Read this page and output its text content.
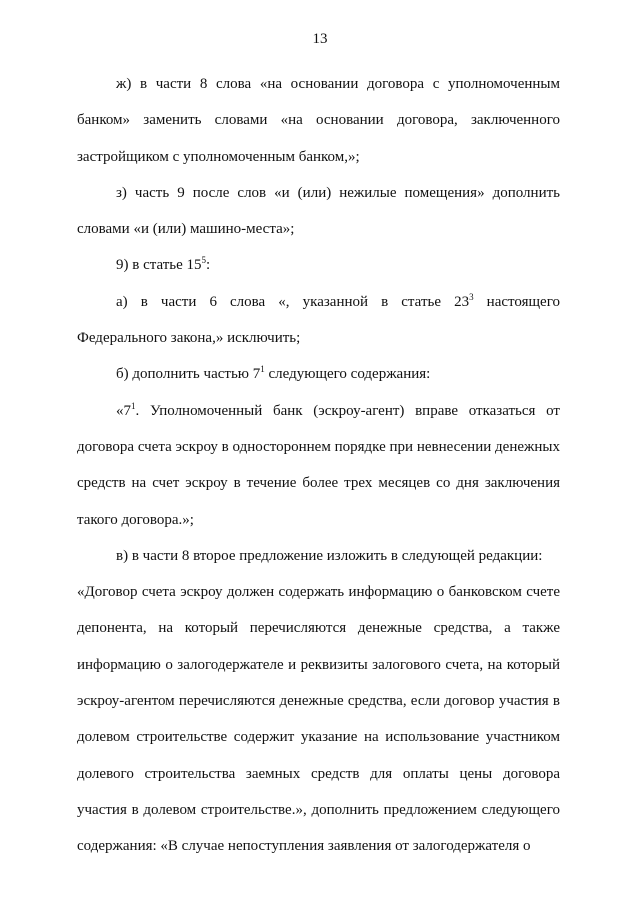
13

ж) в части 8 слова «на основании договора с уполномоченным банком» заменить словами «на основании договора, заключенного застройщиком с уполномоченным банком,»;

з) часть 9 после слов «и (или) нежилые помещения» дополнить словами «и (или) машино-места»;

9) в статье $15^5$:

а) в части 6 слова «, указанной в статье $23^3$ настоящего Федерального закона,» исключить;

б) дополнить частью $7^1$ следующего содержания:

«$7^1$. Уполномоченный банк (эскроу-агент) вправе отказаться от договора счета эскроу в одностороннем порядке при невнесении денежных средств на счет эскроу в течение более трех месяцев со дня заключения такого договора.»;

в) в части 8 второе предложение изложить в следующей редакции:

«Договор счета эскроу должен содержать информацию о банковском счете депонента, на который перечисляются денежные средства, а также информацию о залогодержателе и реквизиты залогового счета, на который эскроу-агентом перечисляются денежные средства, если договор участия в долевом строительстве содержит указание на использование участником долевого строительства заемных средств для оплаты цены договора участия в долевом строительстве.», дополнить предложением следующего содержания: «В случае непоступления заявления от залогодержателя о
